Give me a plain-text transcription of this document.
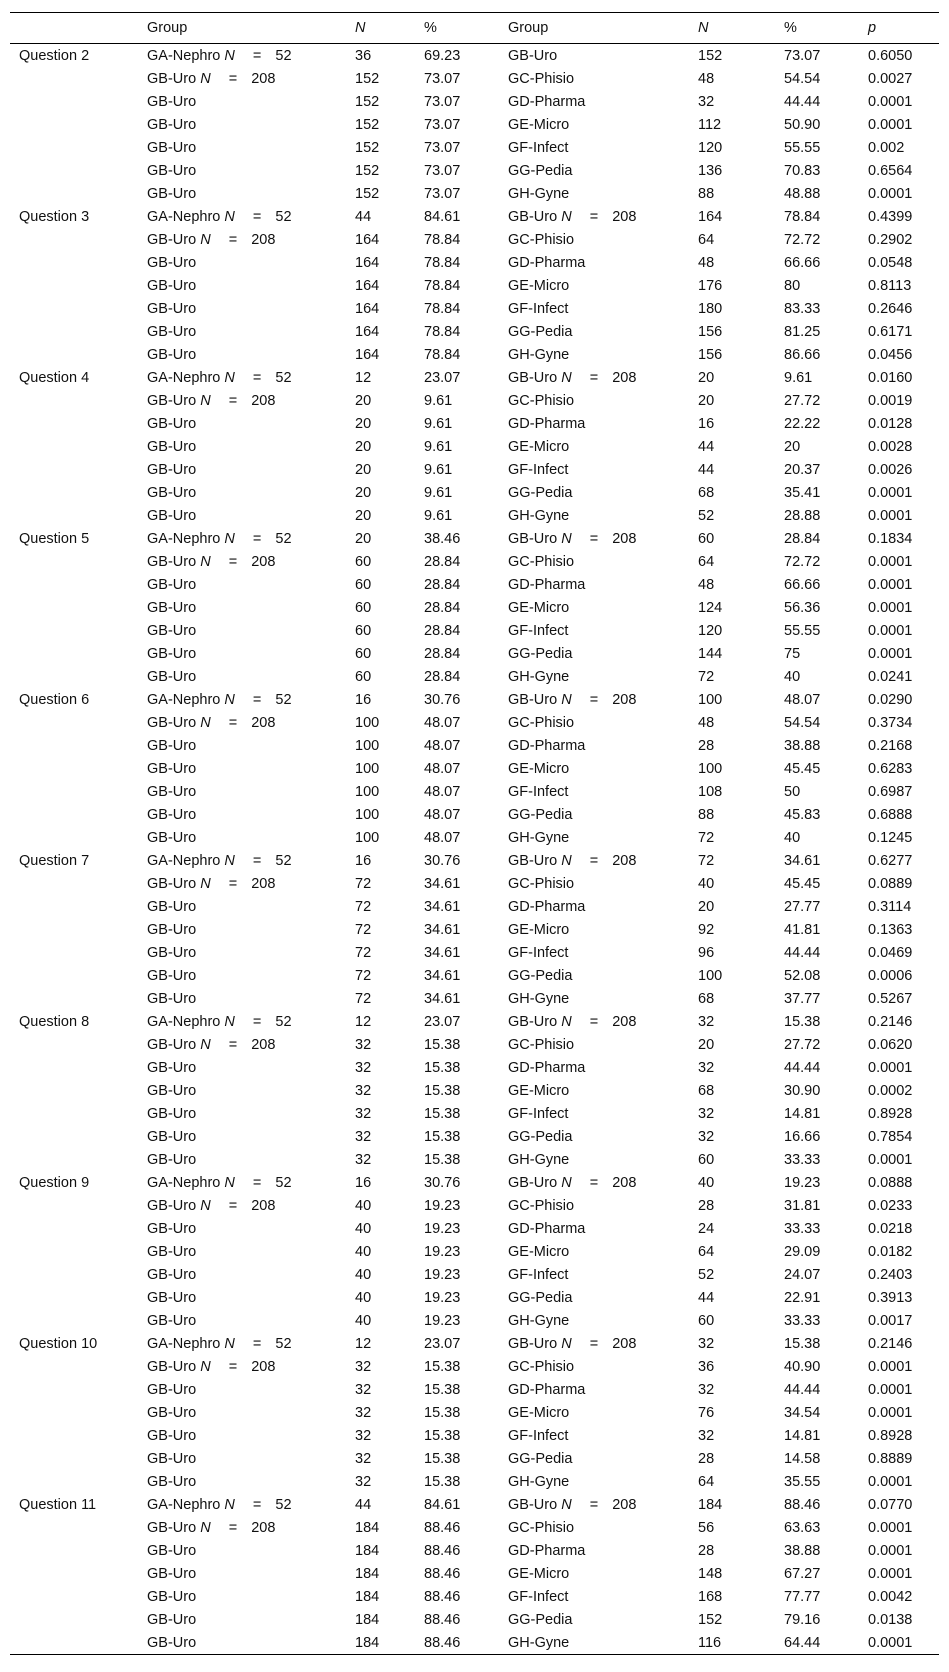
	Group	N	%	Group	N	%	p
Question 2	GA-Nephro N = 52	36	69.23	GB-Uro	152	73.07	0.6050
	GB-Uro N = 208	152	73.07	GC-Phisio	48	54.54	0.0027
	GB-Uro	152	73.07	GD-Pharma	32	44.44	0.0001
	GB-Uro	152	73.07	GE-Micro	112	50.90	0.0001
	GB-Uro	152	73.07	GF-Infect	120	55.55	0.002
	GB-Uro	152	73.07	GG-Pedia	136	70.83	0.6564
	GB-Uro	152	73.07	GH-Gyne	88	48.88	0.0001
Question 3	GA-Nephro N = 52	44	84.61	GB-Uro N = 208	164	78.84	0.4399
	GB-Uro N = 208	164	78.84	GC-Phisio	64	72.72	0.2902
	GB-Uro	164	78.84	GD-Pharma	48	66.66	0.0548
	GB-Uro	164	78.84	GE-Micro	176	80	0.8113
	GB-Uro	164	78.84	GF-Infect	180	83.33	0.2646
	GB-Uro	164	78.84	GG-Pedia	156	81.25	0.6171
	GB-Uro	164	78.84	GH-Gyne	156	86.66	0.0456
Question 4	GA-Nephro N = 52	12	23.07	GB-Uro N = 208	20	9.61	0.0160
	GB-Uro N = 208	20	9.61	GC-Phisio	20	27.72	0.0019
	GB-Uro	20	9.61	GD-Pharma	16	22.22	0.0128
	GB-Uro	20	9.61	GE-Micro	44	20	0.0028
	GB-Uro	20	9.61	GF-Infect	44	20.37	0.0026
	GB-Uro	20	9.61	GG-Pedia	68	35.41	0.0001
	GB-Uro	20	9.61	GH-Gyne	52	28.88	0.0001
Question 5	GA-Nephro N = 52	20	38.46	GB-Uro N = 208	60	28.84	0.1834
	GB-Uro N = 208	60	28.84	GC-Phisio	64	72.72	0.0001
	GB-Uro	60	28.84	GD-Pharma	48	66.66	0.0001
	GB-Uro	60	28.84	GE-Micro	124	56.36	0.0001
	GB-Uro	60	28.84	GF-Infect	120	55.55	0.0001
	GB-Uro	60	28.84	GG-Pedia	144	75	0.0001
	GB-Uro	60	28.84	GH-Gyne	72	40	0.0241
Question 6	GA-Nephro N = 52	16	30.76	GB-Uro N = 208	100	48.07	0.0290
	GB-Uro N = 208	100	48.07	GC-Phisio	48	54.54	0.3734
	GB-Uro	100	48.07	GD-Pharma	28	38.88	0.2168
	GB-Uro	100	48.07	GE-Micro	100	45.45	0.6283
	GB-Uro	100	48.07	GF-Infect	108	50	0.6987
	GB-Uro	100	48.07	GG-Pedia	88	45.83	0.6888
	GB-Uro	100	48.07	GH-Gyne	72	40	0.1245
Question 7	GA-Nephro N = 52	16	30.76	GB-Uro N = 208	72	34.61	0.6277
	GB-Uro N = 208	72	34.61	GC-Phisio	40	45.45	0.0889
	GB-Uro	72	34.61	GD-Pharma	20	27.77	0.3114
	GB-Uro	72	34.61	GE-Micro	92	41.81	0.1363
	GB-Uro	72	34.61	GF-Infect	96	44.44	0.0469
	GB-Uro	72	34.61	GG-Pedia	100	52.08	0.0006
	GB-Uro	72	34.61	GH-Gyne	68	37.77	0.5267
Question 8	GA-Nephro N = 52	12	23.07	GB-Uro N = 208	32	15.38	0.2146
	GB-Uro N = 208	32	15.38	GC-Phisio	20	27.72	0.0620
	GB-Uro	32	15.38	GD-Pharma	32	44.44	0.0001
	GB-Uro	32	15.38	GE-Micro	68	30.90	0.0002
	GB-Uro	32	15.38	GF-Infect	32	14.81	0.8928
	GB-Uro	32	15.38	GG-Pedia	32	16.66	0.7854
	GB-Uro	32	15.38	GH-Gyne	60	33.33	0.0001
Question 9	GA-Nephro N = 52	16	30.76	GB-Uro N = 208	40	19.23	0.0888
	GB-Uro N = 208	40	19.23	GC-Phisio	28	31.81	0.0233
	GB-Uro	40	19.23	GD-Pharma	24	33.33	0.0218
	GB-Uro	40	19.23	GE-Micro	64	29.09	0.0182
	GB-Uro	40	19.23	GF-Infect	52	24.07	0.2403
	GB-Uro	40	19.23	GG-Pedia	44	22.91	0.3913
	GB-Uro	40	19.23	GH-Gyne	60	33.33	0.0017
Question 10	GA-Nephro N = 52	12	23.07	GB-Uro N = 208	32	15.38	0.2146
	GB-Uro N = 208	32	15.38	GC-Phisio	36	40.90	0.0001
	GB-Uro	32	15.38	GD-Pharma	32	44.44	0.0001
	GB-Uro	32	15.38	GE-Micro	76	34.54	0.0001
	GB-Uro	32	15.38	GF-Infect	32	14.81	0.8928
	GB-Uro	32	15.38	GG-Pedia	28	14.58	0.8889
	GB-Uro	32	15.38	GH-Gyne	64	35.55	0.0001
Question 11	GA-Nephro N = 52	44	84.61	GB-Uro N = 208	184	88.46	0.0770
	GB-Uro N = 208	184	88.46	GC-Phisio	56	63.63	0.0001
	GB-Uro	184	88.46	GD-Pharma	28	38.88	0.0001
	GB-Uro	184	88.46	GE-Micro	148	67.27	0.0001
	GB-Uro	184	88.46	GF-Infect	168	77.77	0.0042
	GB-Uro	184	88.46	GG-Pedia	152	79.16	0.0138
	GB-Uro	184	88.46	GH-Gyne	116	64.44	0.0001
